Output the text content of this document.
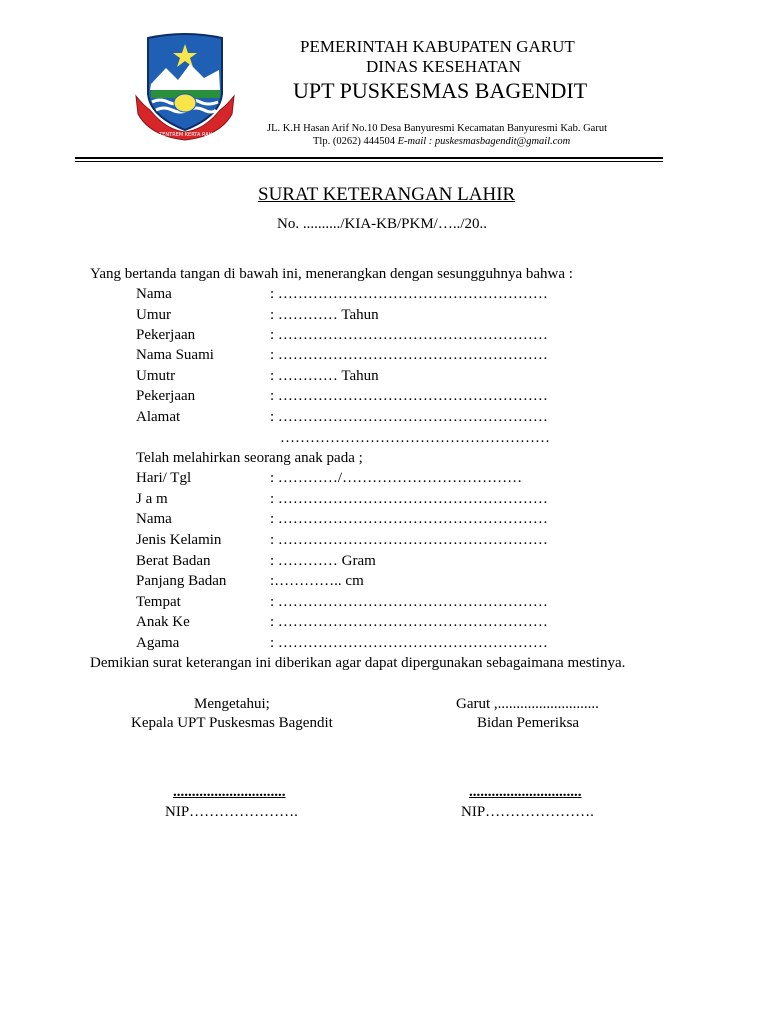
TATA TENTREM KERTA RAHARJA
PEMERINTAH KABUPATEN GARUT
DINAS KESEHATAN
UPT PUSKESMAS BAGENDIT
JL. K.H Hasan Arif No.10 Desa Banyuresmi Kecamatan Banyuresmi Kab. Garut
Tlp. (0262) 444504 E-mail : puskesmasbagendit@gmail.com
SURAT KETERANGAN LAHIR
No. ........../KIA-KB/PKM/…../20..
Yang bertanda tangan di bawah ini, menerangkan dengan sesungguhnya bahwa :
Nama	: ………………………………………………
Umur	: ………… Tahun
Pekerjaan	: ………………………………………………
Nama Suami	: ………………………………………………
Umutr	: ………… Tahun
Pekerjaan	: ………………………………………………
Alamat	: ………………………………………………
………………………………………………
Telah melahirkan seorang anak pada ;
Hari/ Tgl	: …………/………………………………
J a m	: ………………………………………………
Nama	: ………………………………………………
Jenis Kelamin	: ………………………………………………
Berat Badan	: ………… Gram
Panjang Badan	:………….. cm
Tempat	: ………………………………………………
Anak Ke	: ………………………………………………
Agama	: ………………………………………………
Demikian surat keterangan ini diberikan agar dapat dipergunakan sebagaimana mestinya.
Mengetahui;
Kepala UPT Puskesmas Bagendit
Garut ,...........................
Bidan Pemeriksa
..............................
NIP………………….
..............................
NIP………………….
